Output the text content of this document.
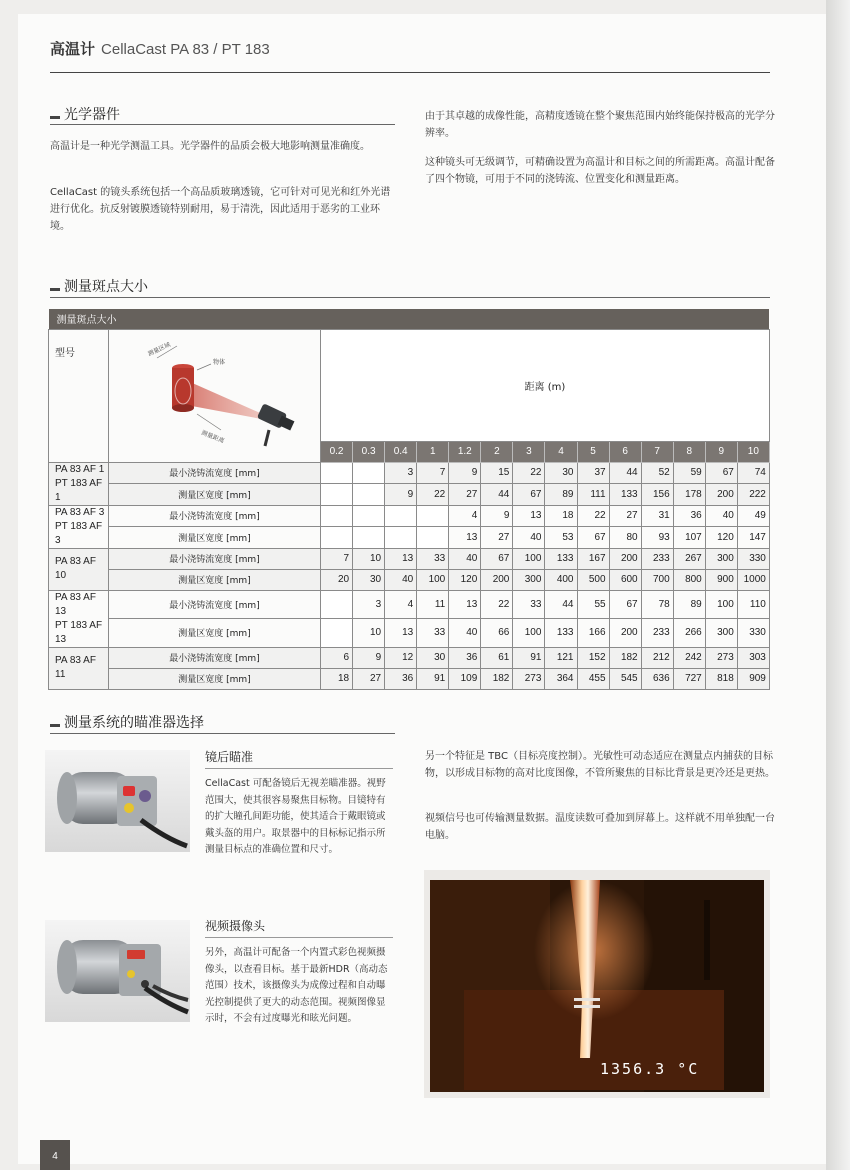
高温计 CellaCast PA 83 / PT 183
光学器件
高温计是一种光学测温工具。光学器件的品质会极大地影响测量准确度。
CellaCast 的镜头系统包括一个高品质玻璃透镜，它可针对可见光和红外光谱进行优化。抗反射镀膜透镜特别耐用，易于清洗，因此适用于恶劣的工业环境。
由于其卓越的成像性能，高精度透镜在整个聚焦范围内始终能保持极高的光学分辨率。
这种镜头可无级调节，可精确设置为高温计和目标之间的所需距离。高温计配备了四个物镜，可用于不同的浇铸流、位置变化和测量距离。
测量斑点大小
测量斑点大小															
型号	测量区域
物体
测量距离	距离 (m)													
		0.2	0.3	0.4	1	1.2	2	3	4	5	6	7	8	9	10

PA 83 AF 1
PT 183 AF 1	最小浇铸流宽度 [mm]			3	7	9	15	22	30	37	44	52	59	67	74
	测量区宽度 [mm]			9	22	27	44	67	89	111	133	156	178	200	222

PA 83 AF 3
PT 183 AF 3	最小浇铸流宽度 [mm]					4	9	13	18	22	27	31	36	40	49
	测量区宽度 [mm]					13	27	40	53	67	80	93	107	120	147

PA 83 AF 10	最小浇铸流宽度 [mm]	7	10	13	33	40	67	100	133	167	200	233	267	300	330
	测量区宽度 [mm]	20	30	40	100	120	200	300	400	500	600	700	800	900	1000

PA 83 AF 13
PT 183 AF 13	最小浇铸流宽度 [mm]		3	4	11	13	22	33	44	55	67	78	89	100	110
	测量区宽度 [mm]		10	13	33	40	66	100	133	166	200	233	266	300	330

PA 83 AF 11	最小浇铸流宽度 [mm]	6	9	12	30	36	61	91	121	152	182	212	242	273	303
	测量区宽度 [mm]	18	27	36	91	109	182	273	364	455	545	636	727	818	909
测量系统的瞄准器选择
镜后瞄准
CellaCast 可配备镜后无视差瞄准器。视野范围大，使其很容易聚焦目标物。目镜特有的扩大瞳孔间距功能，使其适合于戴眼镜或戴头盔的用户。取景器中的目标标记指示所测量目标点的准确位置和尺寸。
视频摄像头
另外，高温计可配备一个内置式彩色视频摄像头，以查看目标。基于最新HDR（高动态范围）技术，该摄像头为成像过程和自动曝光控制提供了更大的动态范围。视频图像显示时，不会有过度曝光和眩光问题。
另一个特征是 TBC（目标亮度控制）。光敏性可动态适应在测量点内捕获的目标物，以形成目标物的高对比度图像，不管所聚焦的目标比背景是更冷还是更热。
视频信号也可传输测量数据。温度读数可叠加到屏幕上。这样就不用单独配一台电脑。
1356.3 °C
4
